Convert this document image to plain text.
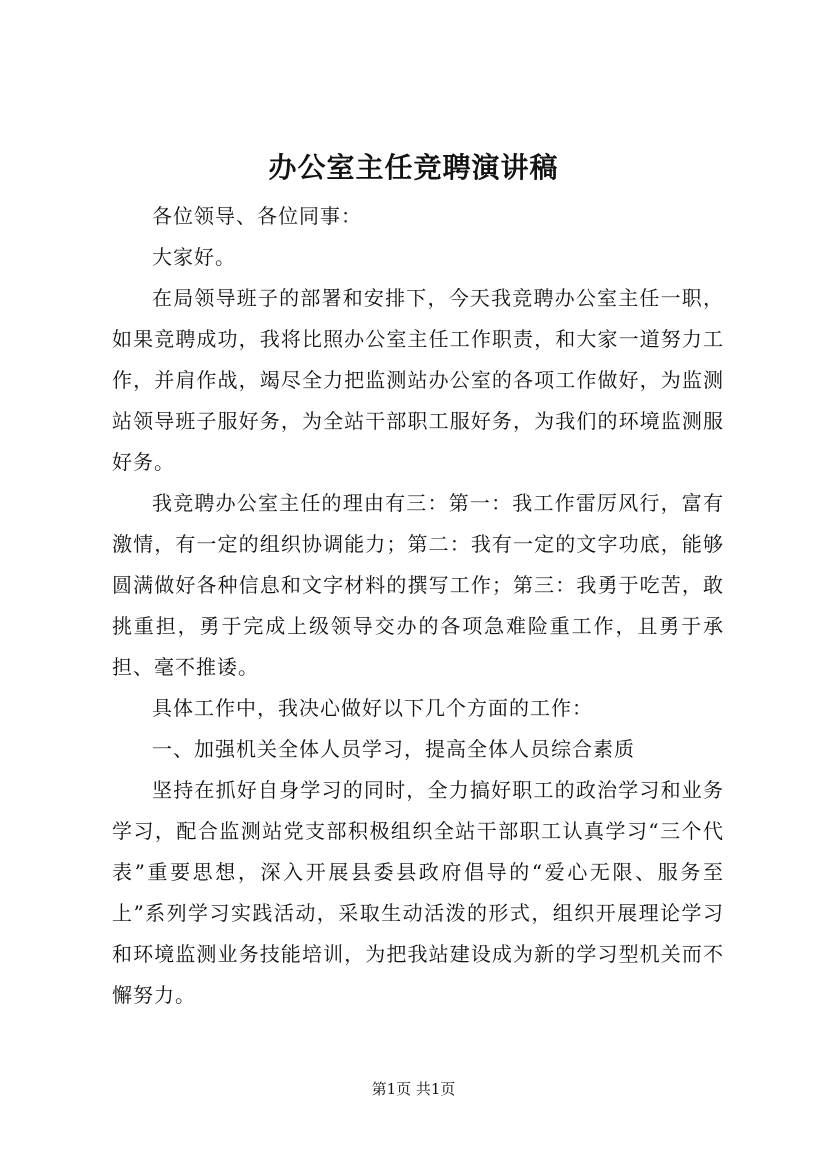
办公室主任竞聘演讲稿

各位领导、各位同事：

大家好。

在局领导班子的部署和安排下，今天我竞聘办公室主任一职，如果竞聘成功，我将比照办公室主任工作职责，和大家一道努力工作，并肩作战，竭尽全力把监测站办公室的各项工作做好，为监测站领导班子服好务，为全站干部职工服好务，为我们的环境监测服好务。

我竞聘办公室主任的理由有三：第一：我工作雷厉风行，富有激情，有一定的组织协调能力；第二：我有一定的文字功底，能够圆满做好各种信息和文字材料的撰写工作；第三：我勇于吃苦，敢挑重担，勇于完成上级领导交办的各项急难险重工作，且勇于承担、毫不推诿。

具体工作中，我决心做好以下几个方面的工作：

一、加强机关全体人员学习，提高全体人员综合素质

坚持在抓好自身学习的同时，全力搞好职工的政治学习和业务学习，配合监测站党支部积极组织全站干部职工认真学习“三个代表”重要思想，深入开展县委县政府倡导的“爱心无限、服务至上”系列学习实践活动，采取生动活泼的形式，组织开展理论学习和环境监测业务技能培训，为把我站建设成为新的学习型机关而不懈努力。

第1页 共1页
